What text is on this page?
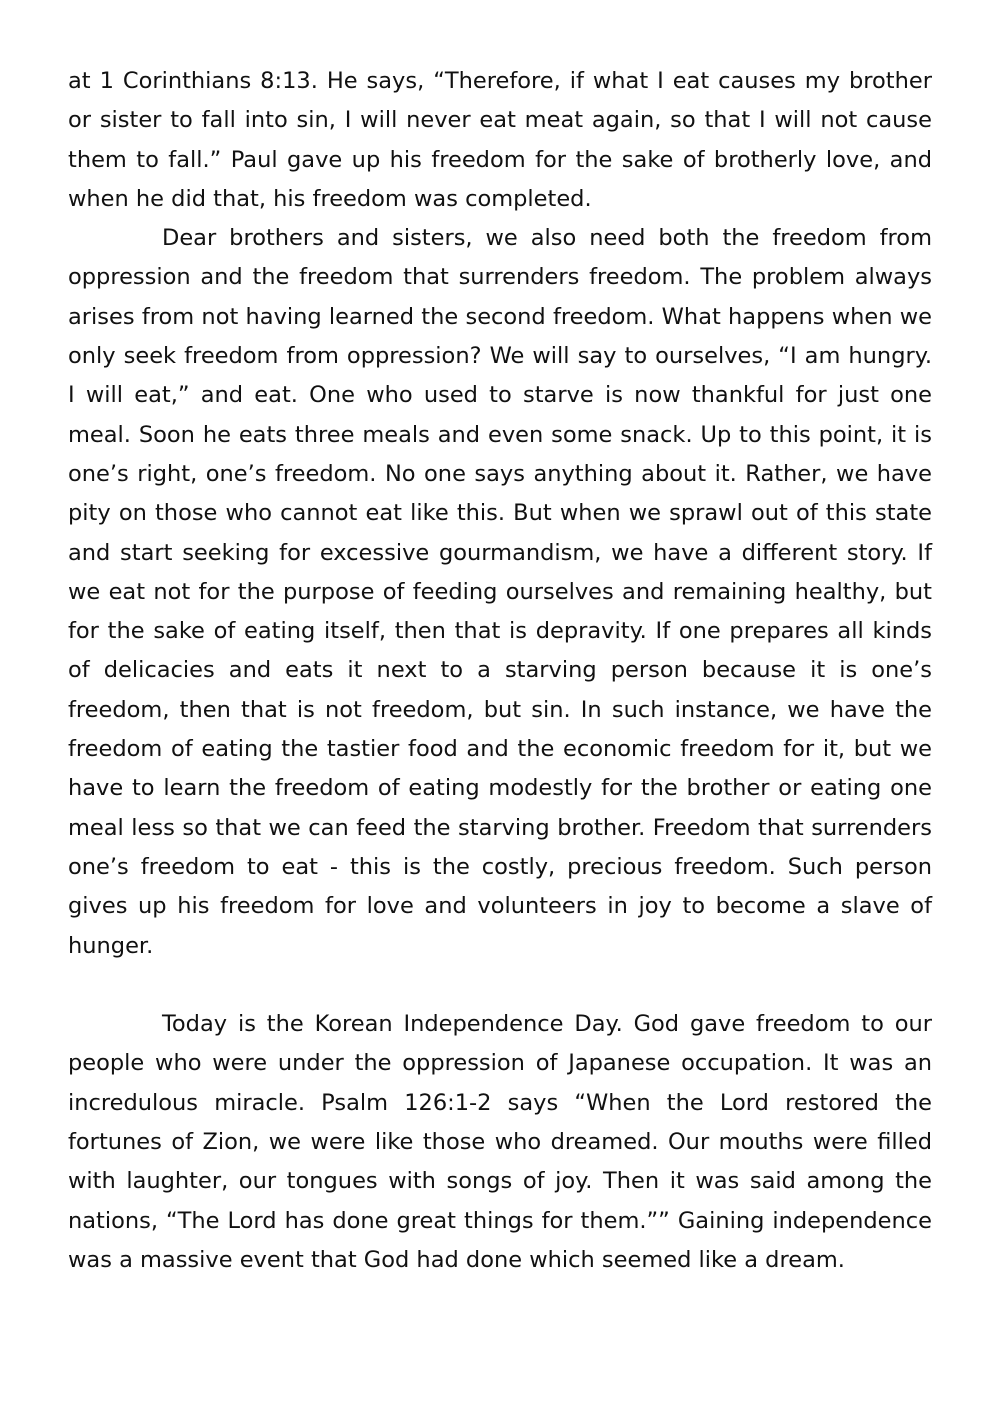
at 1 Corinthians 8:13. He says, “Therefore, if what I eat causes my brother or sister to fall into sin, I will never eat meat again, so that I will not cause them to fall.” Paul gave up his freedom for the sake of brotherly love, and when he did that, his freedom was completed.

Dear brothers and sisters, we also need both the freedom from oppression and the freedom that surrenders freedom. The problem always arises from not having learned the second freedom. What happens when we only seek freedom from oppression? We will say to ourselves, “I am hungry. I will eat,” and eat. One who used to starve is now thankful for just one meal. Soon he eats three meals and even some snack. Up to this point, it is one’s right, one’s freedom. No one says anything about it. Rather, we have pity on those who cannot eat like this. But when we sprawl out of this state and start seeking for excessive gourmandism, we have a different story. If we eat not for the purpose of feeding ourselves and remaining healthy, but for the sake of eating itself, then that is depravity. If one prepares all kinds of delicacies and eats it next to a starving person because it is one’s freedom, then that is not freedom, but sin. In such instance, we have the freedom of eating the tastier food and the economic freedom for it, but we have to learn the freedom of eating modestly for the brother or eating one meal less so that we can feed the starving brother. Freedom that surrenders one’s freedom to eat - this is the costly, precious freedom. Such person gives up his freedom for love and volunteers in joy to become a slave of hunger.

Today is the Korean Independence Day. God gave freedom to our people who were under the oppression of Japanese occupation. It was an incredulous miracle. Psalm 126:1-2 says “When the Lord restored the fortunes of Zion, we were like those who dreamed. Our mouths were filled with laughter, our tongues with songs of joy. Then it was said among the nations, “The Lord has done great things for them.”” Gaining independence was a massive event that God had done which seemed like a dream.
